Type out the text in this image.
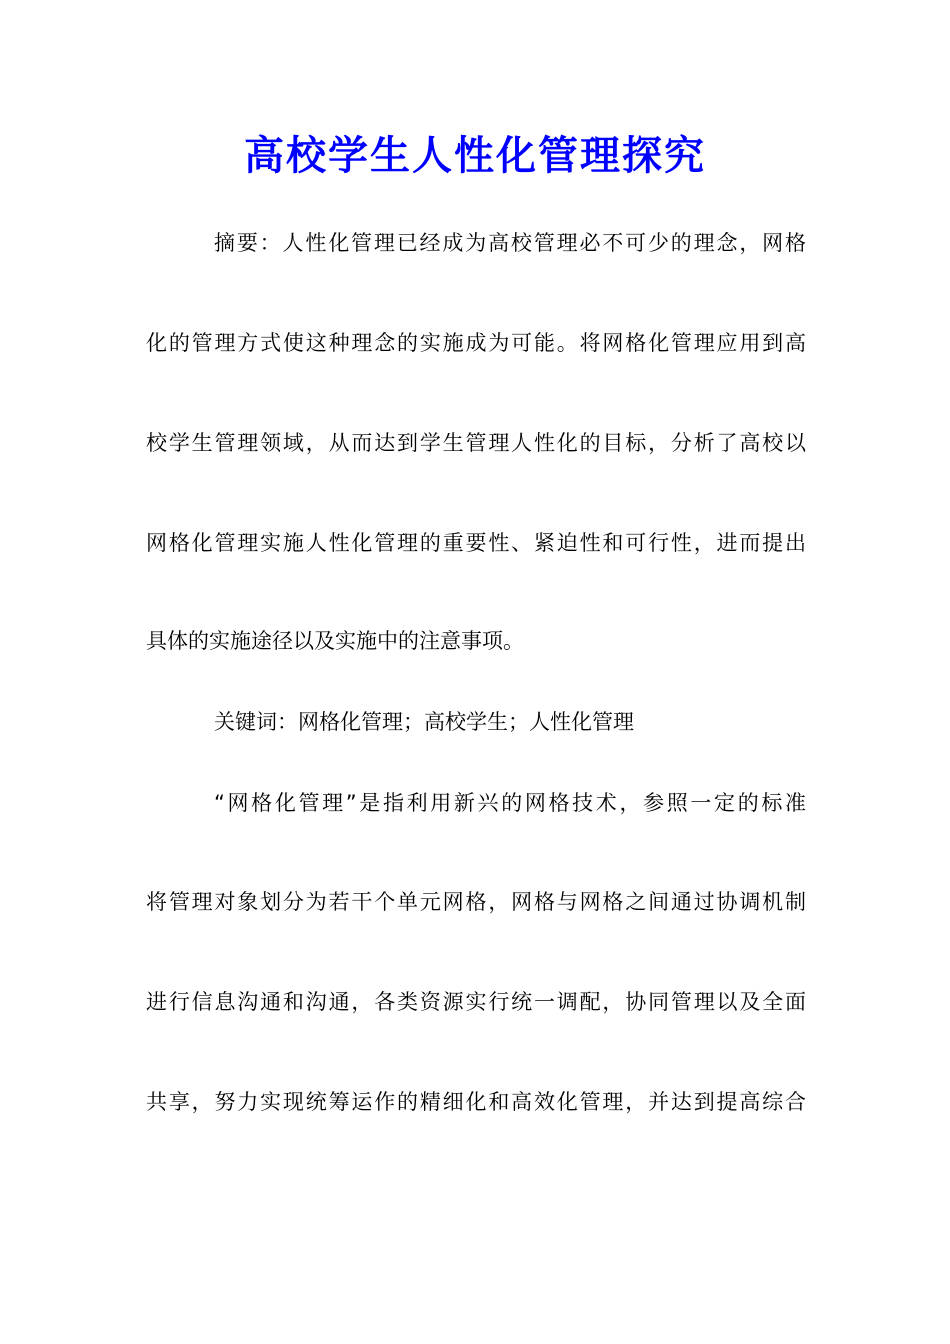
高校学生人性化管理探究
摘要：人性化管理已经成为高校管理必不可少的理念，网格
化的管理方式使这种理念的实施成为可能。将网格化管理应用到高
校学生管理领域，从而达到学生管理人性化的目标，分析了高校以
网格化管理实施人性化管理的重要性、紧迫性和可行性，进而提出
具体的实施途径以及实施中的注意事项。
关键词：网格化管理；高校学生；人性化管理
“网格化管理”是指利用新兴的网格技术，参照一定的标准
将管理对象划分为若干个单元网格，网格与网格之间通过协调机制
进行信息沟通和沟通，各类资源实行统一调配，协同管理以及全面
共享，努力实现统筹运作的精细化和高效化管理，并达到提高综合
